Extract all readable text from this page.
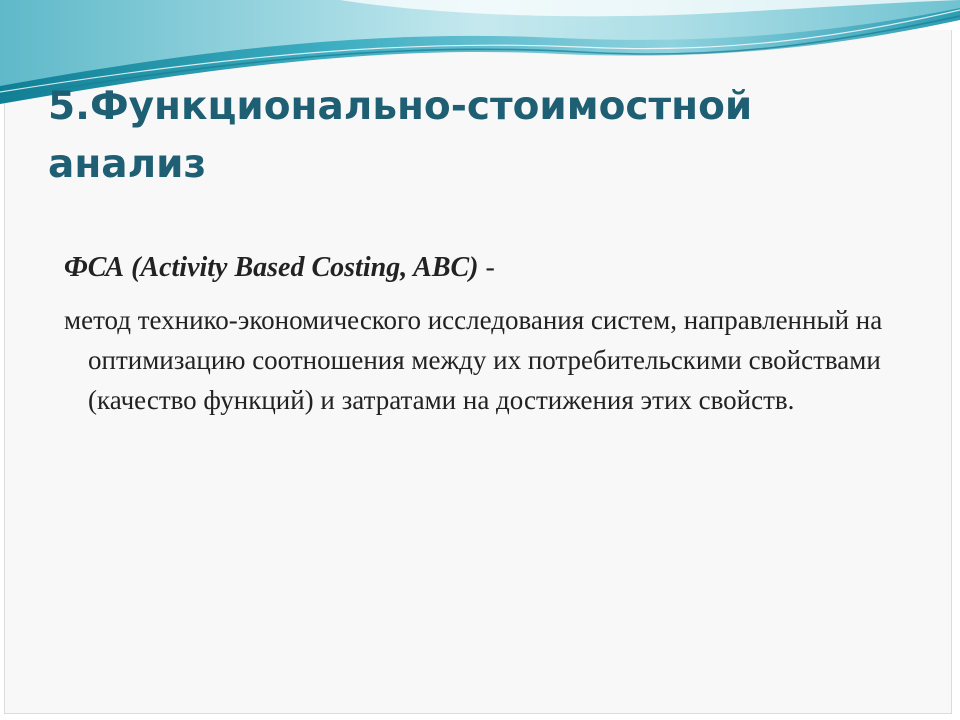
5.Функционально-стоимостной анализ

ФСА (Activity Based Costing, ABC) -

метод технико-экономического исследования систем, направленный на оптимизацию соотношения между их потребительскими свойствами (качество функций) и затратами на достижения этих свойств.
